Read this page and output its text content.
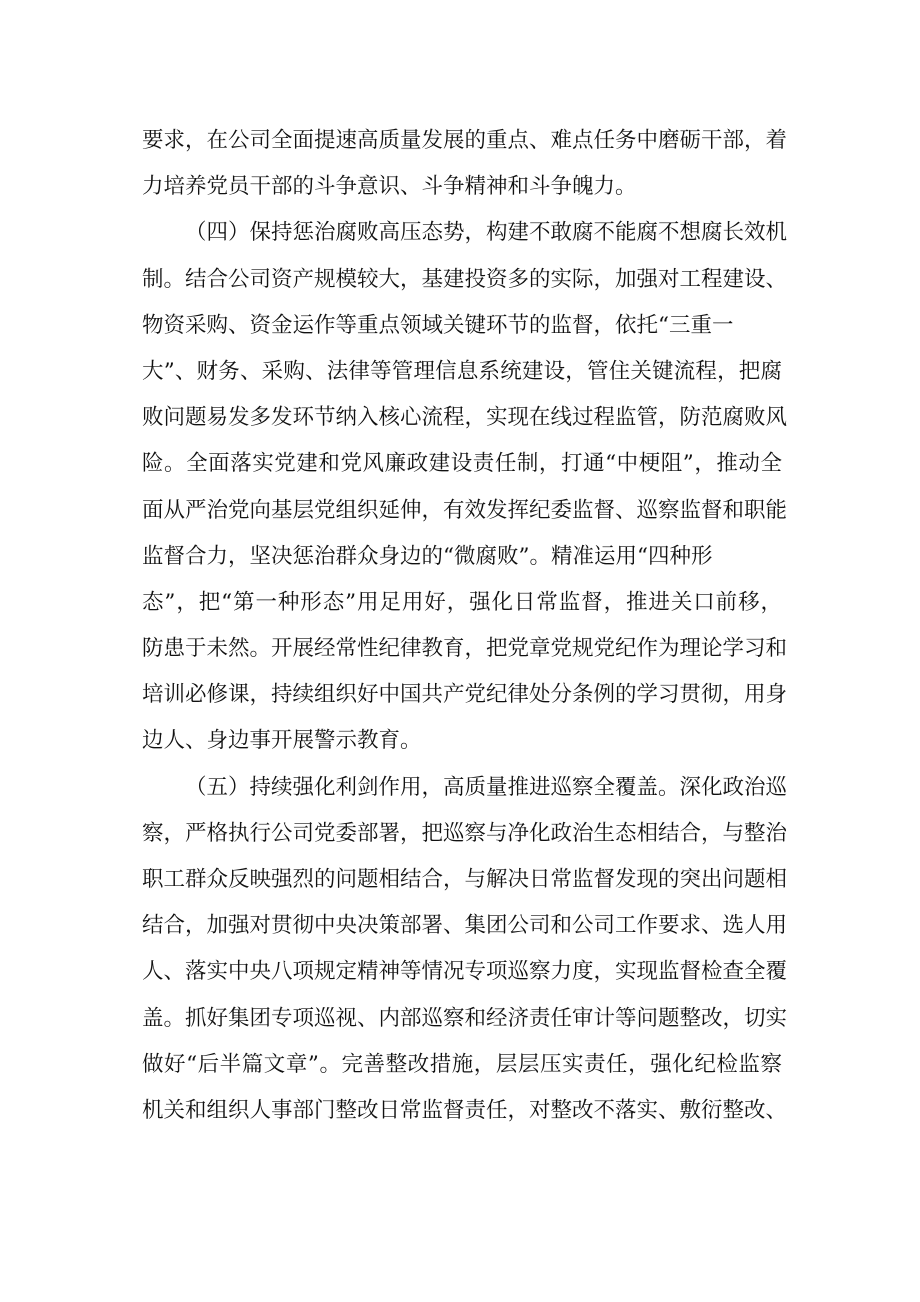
要求，在公司全面提速高质量发展的重点、难点任务中磨砺干部，着
力培养党员干部的斗争意识、斗争精神和斗争魄力。
（四）保持惩治腐败高压态势，构建不敢腐不能腐不想腐长效机
制。结合公司资产规模较大，基建投资多的实际，加强对工程建设、
物资采购、资金运作等重点领域关键环节的监督，依托“三重一
大”、财务、采购、法律等管理信息系统建设，管住关键流程，把腐
败问题易发多发环节纳入核心流程，实现在线过程监管，防范腐败风
险。全面落实党建和党风廉政建设责任制，打通“中梗阻”，推动全
面从严治党向基层党组织延伸，有效发挥纪委监督、巡察监督和职能
监督合力，坚决惩治群众身边的“微腐败”。精准运用“四种形
态”，把“第一种形态”用足用好，强化日常监督，推进关口前移，
防患于未然。开展经常性纪律教育，把党章党规党纪作为理论学习和
培训必修课，持续组织好中国共产党纪律处分条例的学习贯彻，用身
边人、身边事开展警示教育。
（五）持续强化利剑作用，高质量推进巡察全覆盖。深化政治巡
察，严格执行公司党委部署，把巡察与净化政治生态相结合，与整治
职工群众反映强烈的问题相结合，与解决日常监督发现的突出问题相
结合，加强对贯彻中央决策部署、集团公司和公司工作要求、选人用
人、落实中央八项规定精神等情况专项巡察力度，实现监督检查全覆
盖。抓好集团专项巡视、内部巡察和经济责任审计等问题整改，切实
做好“后半篇文章”。完善整改措施，层层压实责任，强化纪检监察
机关和组织人事部门整改日常监督责任，对整改不落实、敷衍整改、
